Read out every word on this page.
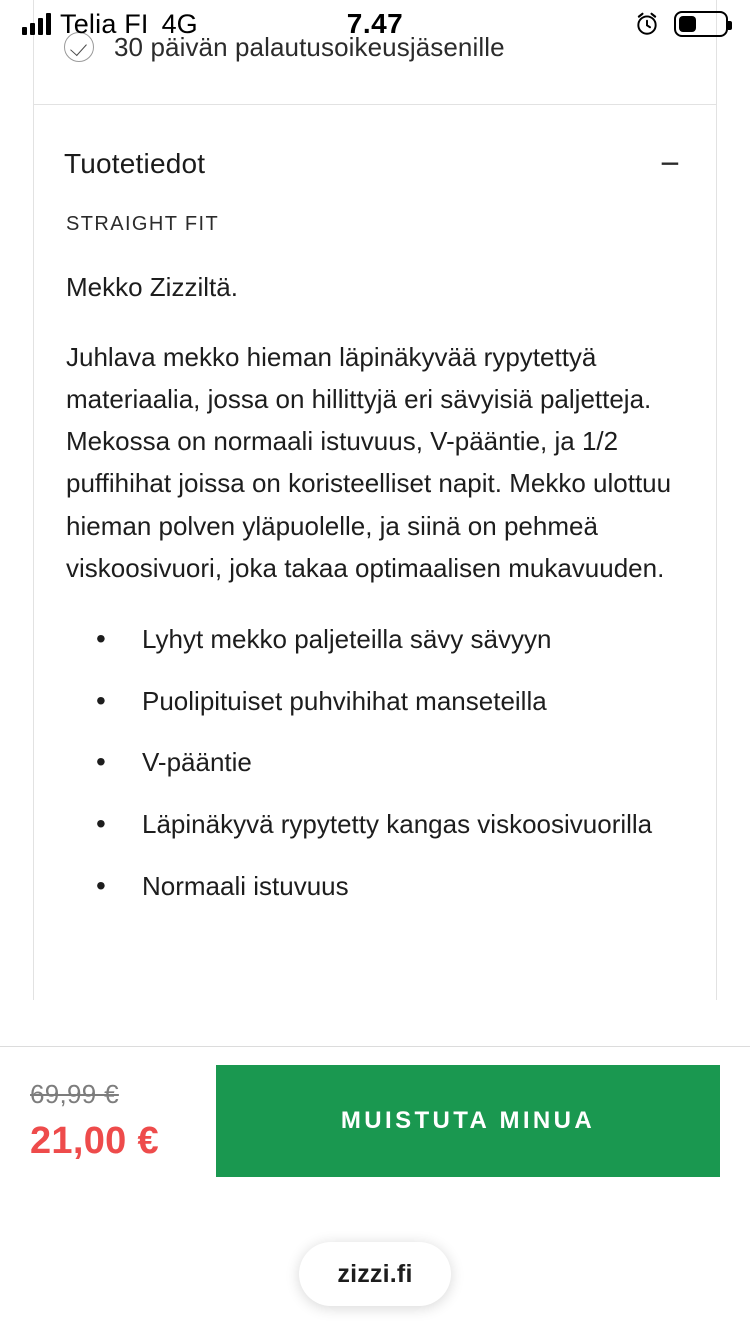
Telia FI 4G	7.47
30 päivän palautusoikeusjäsenille
Tuotetiedot	−
STRAIGHT FIT

Mekko Zizziltä.

Juhlava mekko hieman läpinäkyvää rypytettyä materiaalia, jossa on hillittyjä eri sävyisiä paljetteja. Mekossa on normaali istuvuus, V-pääntie, ja 1/2 puffihihat joissa on koristeelliset napit. Mekko ulottuu hieman polven yläpuolelle, ja siinä on pehmeä viskoosivuori, joka takaa optimaalisen mukavuuden.

• Lyhyt mekko paljeteilla sävy sävyyn
• Puolipituiset puhvihihat manseteilla
• V-pääntie
• Läpinäkyvä rypytetty kangas viskoosivuorilla
• Normaali istuvuus
69,99 €
21,00 €	MUISTUTA MINUA
zizzi.fi
